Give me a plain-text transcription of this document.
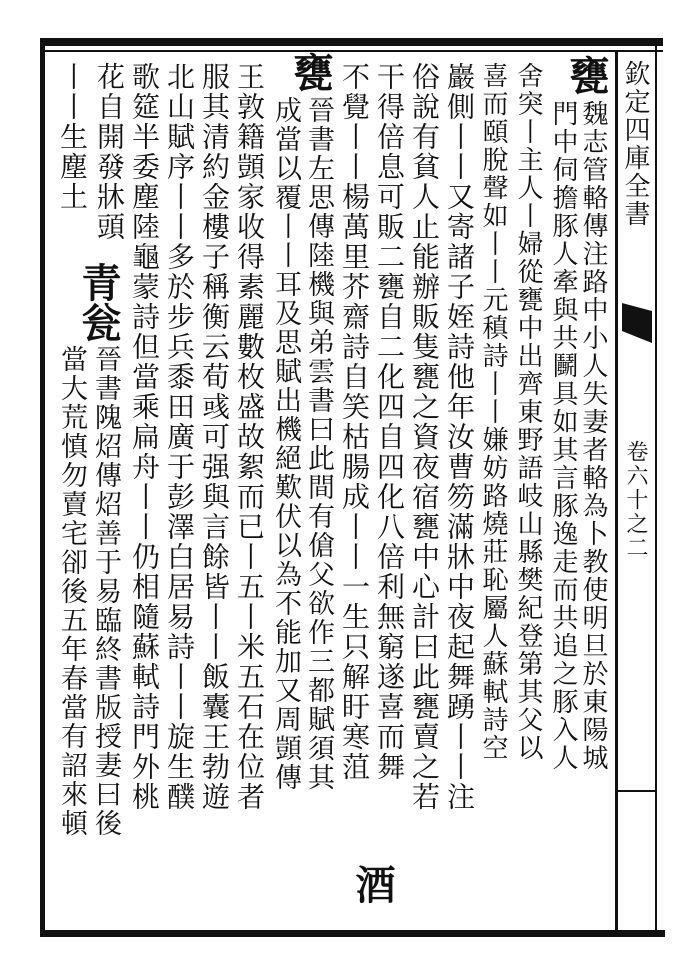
欽定四庫全書
卷六十之二
甕
魏志管輅傳注路中小人失妻者輅為卜教使明旦於東陽城
門中伺擔豚人牽與共鬭具如其言豚逸走而共追之豚入人
舍突丨主人丨婦從甕中出齊東野語岐山縣樊紀登第其父以
喜而頤脫聲如丨丨元稹詩丨丨嫌妨路燒莊恥屬人蘇軾詩空
巖側丨丨又寄諸子姪詩他年汝曹笏滿牀中夜起舞踴丨丨注
俗說有貧人止能辦販隻甕之資夜宿甕中心計曰此甕賣之若
干得倍息可販二甕自二化四自四化八倍利無窮遂喜而舞
不覺丨丨楊萬里芥齋詩自笑枯腸成丨丨一生只解盱寒菹
酒
甕
晉書左思傳陸機與弟雲書曰此間有傖父欲作三都賦須其
成當以覆丨丨耳及思賦出機絕歎伏以為不能加又周顗傳
王敦籍顗家收得素麗數枚盛故絮而已丨五丨米五石在位者
服其清約金樓子稱衡云荀彧可强與言餘皆丨丨飯囊王勃遊
北山賦序丨丨多於步兵黍田廣于彭澤白居易詩丨丨旋生醭
歌筵半委塵陸龜蒙詩但當乘扁舟丨丨仍相隨蘇軾詩門外桃
花自開發牀頭
青瓮
晉書隗炤傳炤善于易臨終書版授妻曰後
丨丨生塵土
當大荒慎勿賣宅卻後五年春當有詔來頓
